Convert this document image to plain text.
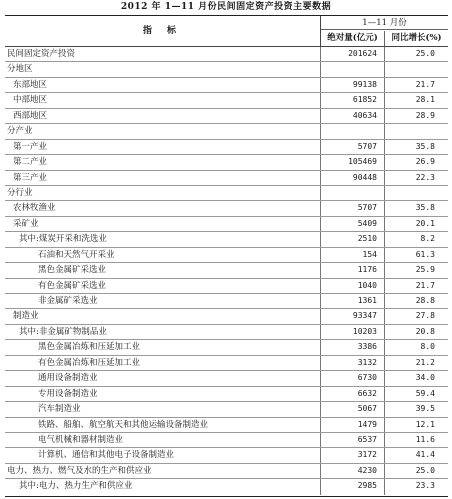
2012 年 1—11 月份民间固定资产投资主要数据
指 标
1—11 月份
绝对量(亿元)	同比增长(%)
民间固定资产投资	201624	25.0
分地区
东部地区	99138	21.7
中部地区	61852	28.1
西部地区	40634	28.9
分产业
第一产业	5707	35.8
第二产业	105469	26.9
第三产业	90448	22.3
分行业
农林牧渔业	5707	35.8
采矿业	5409	20.1
其中:煤炭开采和洗选业	2510	8.2
石油和天然气开采业	154	61.3
黑色金属矿采选业	1176	25.9
有色金属矿采选业	1040	21.7
非金属矿采选业	1361	28.8
制造业	93347	27.8
其中:非金属矿物制品业	10203	20.8
黑色金属冶炼和压延加工业	3386	8.0
有色金属冶炼和压延加工业	3132	21.2
通用设备制造业	6730	34.0
专用设备制造业	6632	59.4
汽车制造业	5067	39.5
铁路、船舶、航空航天和其他运输设备制造业	1479	12.1
电气机械和器材制造业	6537	11.6
计算机、通信和其他电子设备制造业	3172	41.4
电力、热力、燃气及水的生产和供应业	4230	25.0
其中:电力、热力生产和供应业	2985	23.3
